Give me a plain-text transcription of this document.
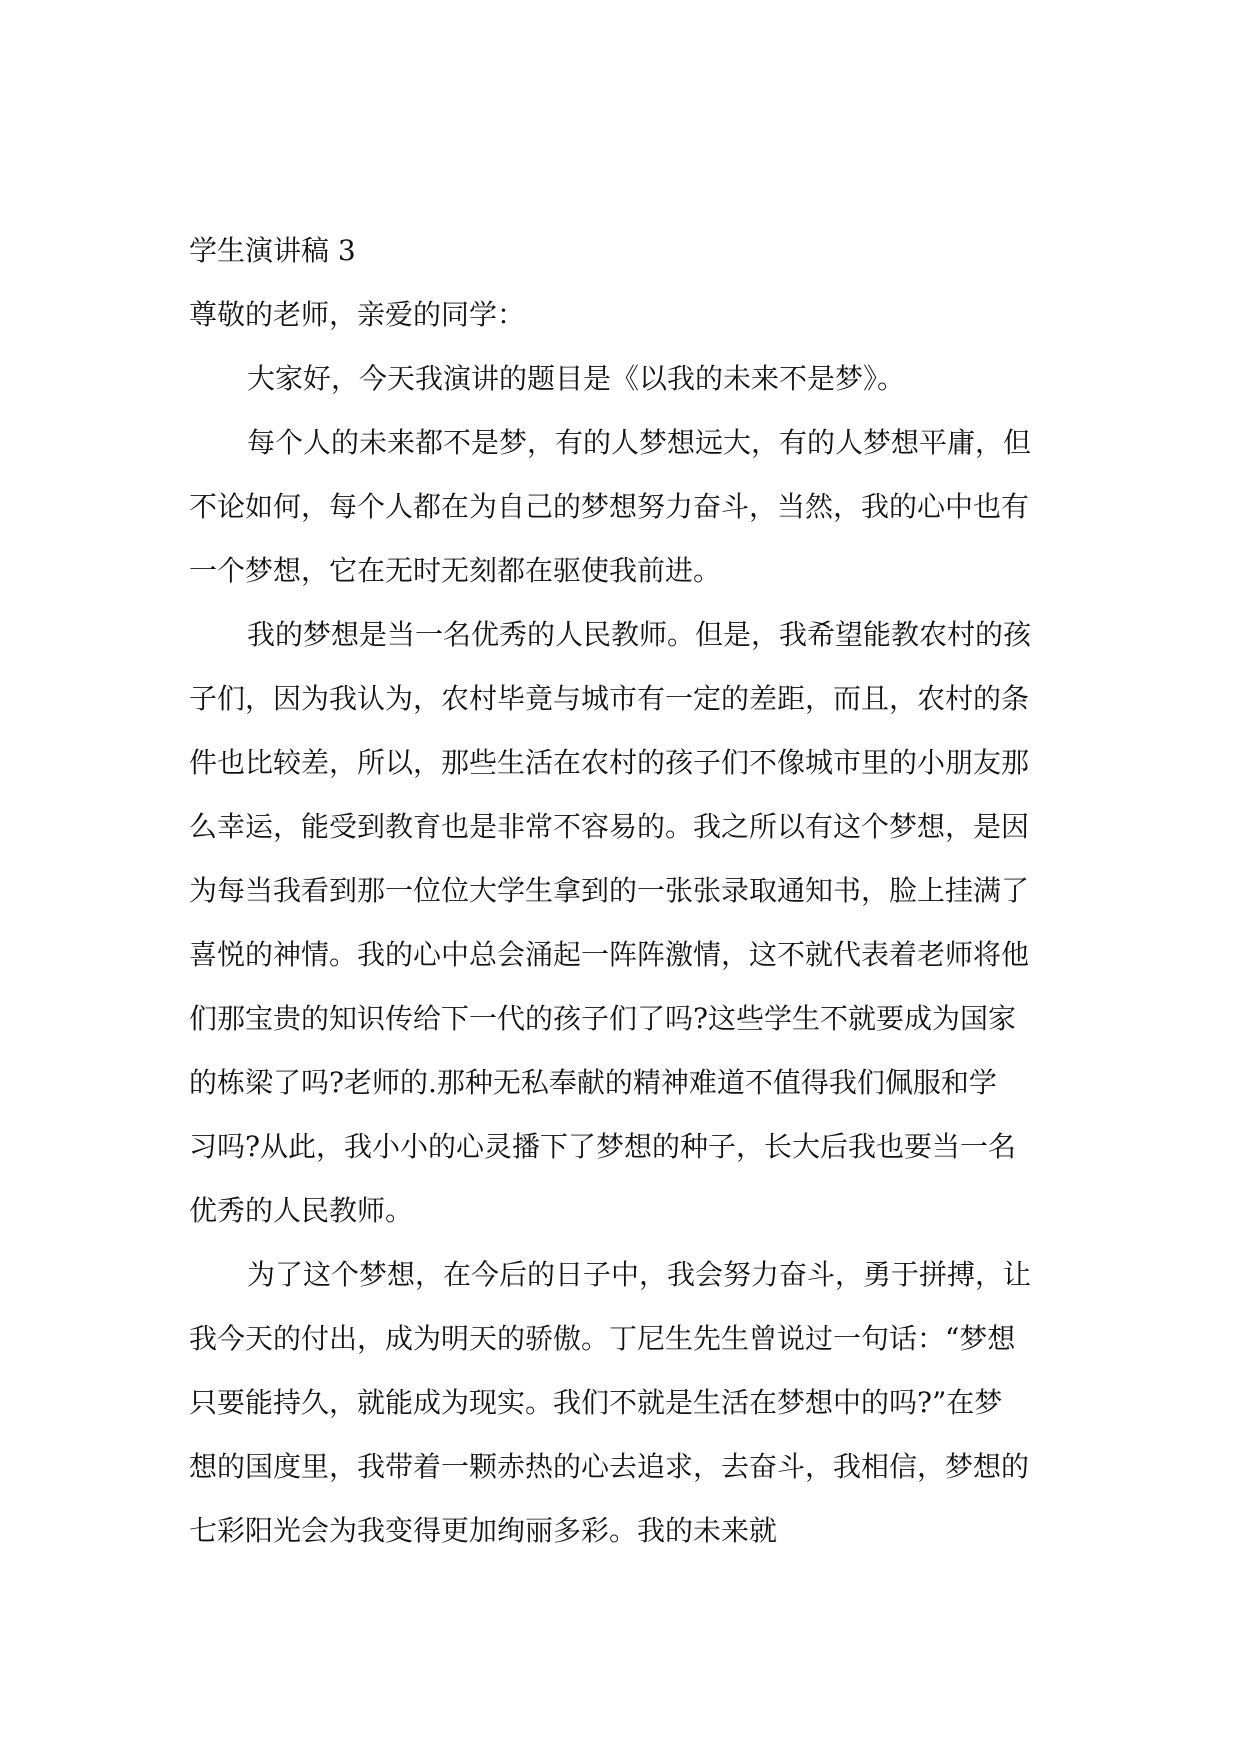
学生演讲稿 3
尊敬的老师，亲爱的同学：
大家好，今天我演讲的题目是《以我的未来不是梦》。
每个人的未来都不是梦，有的人梦想远大，有的人梦想平庸，但
不论如何，每个人都在为自己的梦想努力奋斗，当然，我的心中也有
一个梦想，它在无时无刻都在驱使我前进。
我的梦想是当一名优秀的人民教师。但是，我希望能教农村的孩
子们，因为我认为，农村毕竟与城市有一定的差距，而且，农村的条
件也比较差，所以，那些生活在农村的孩子们不像城市里的小朋友那
么幸运，能受到教育也是非常不容易的。我之所以有这个梦想，是因
为每当我看到那一位位大学生拿到的一张张录取通知书，脸上挂满了
喜悦的神情。我的心中总会涌起一阵阵激情，这不就代表着老师将他
们那宝贵的知识传给下一代的孩子们了吗?这些学生不就要成为国家
的栋梁了吗?老师的.那种无私奉献的精神难道不值得我们佩服和学
习吗?从此，我小小的心灵播下了梦想的种子，长大后我也要当一名
优秀的人民教师。
为了这个梦想，在今后的日子中，我会努力奋斗，勇于拼搏，让
我今天的付出，成为明天的骄傲。丁尼生先生曾说过一句话：“梦想
只要能持久，就能成为现实。我们不就是生活在梦想中的吗?”在梦
想的国度里，我带着一颗赤热的心去追求，去奋斗，我相信，梦想的
七彩阳光会为我变得更加绚丽多彩。我的未来就
